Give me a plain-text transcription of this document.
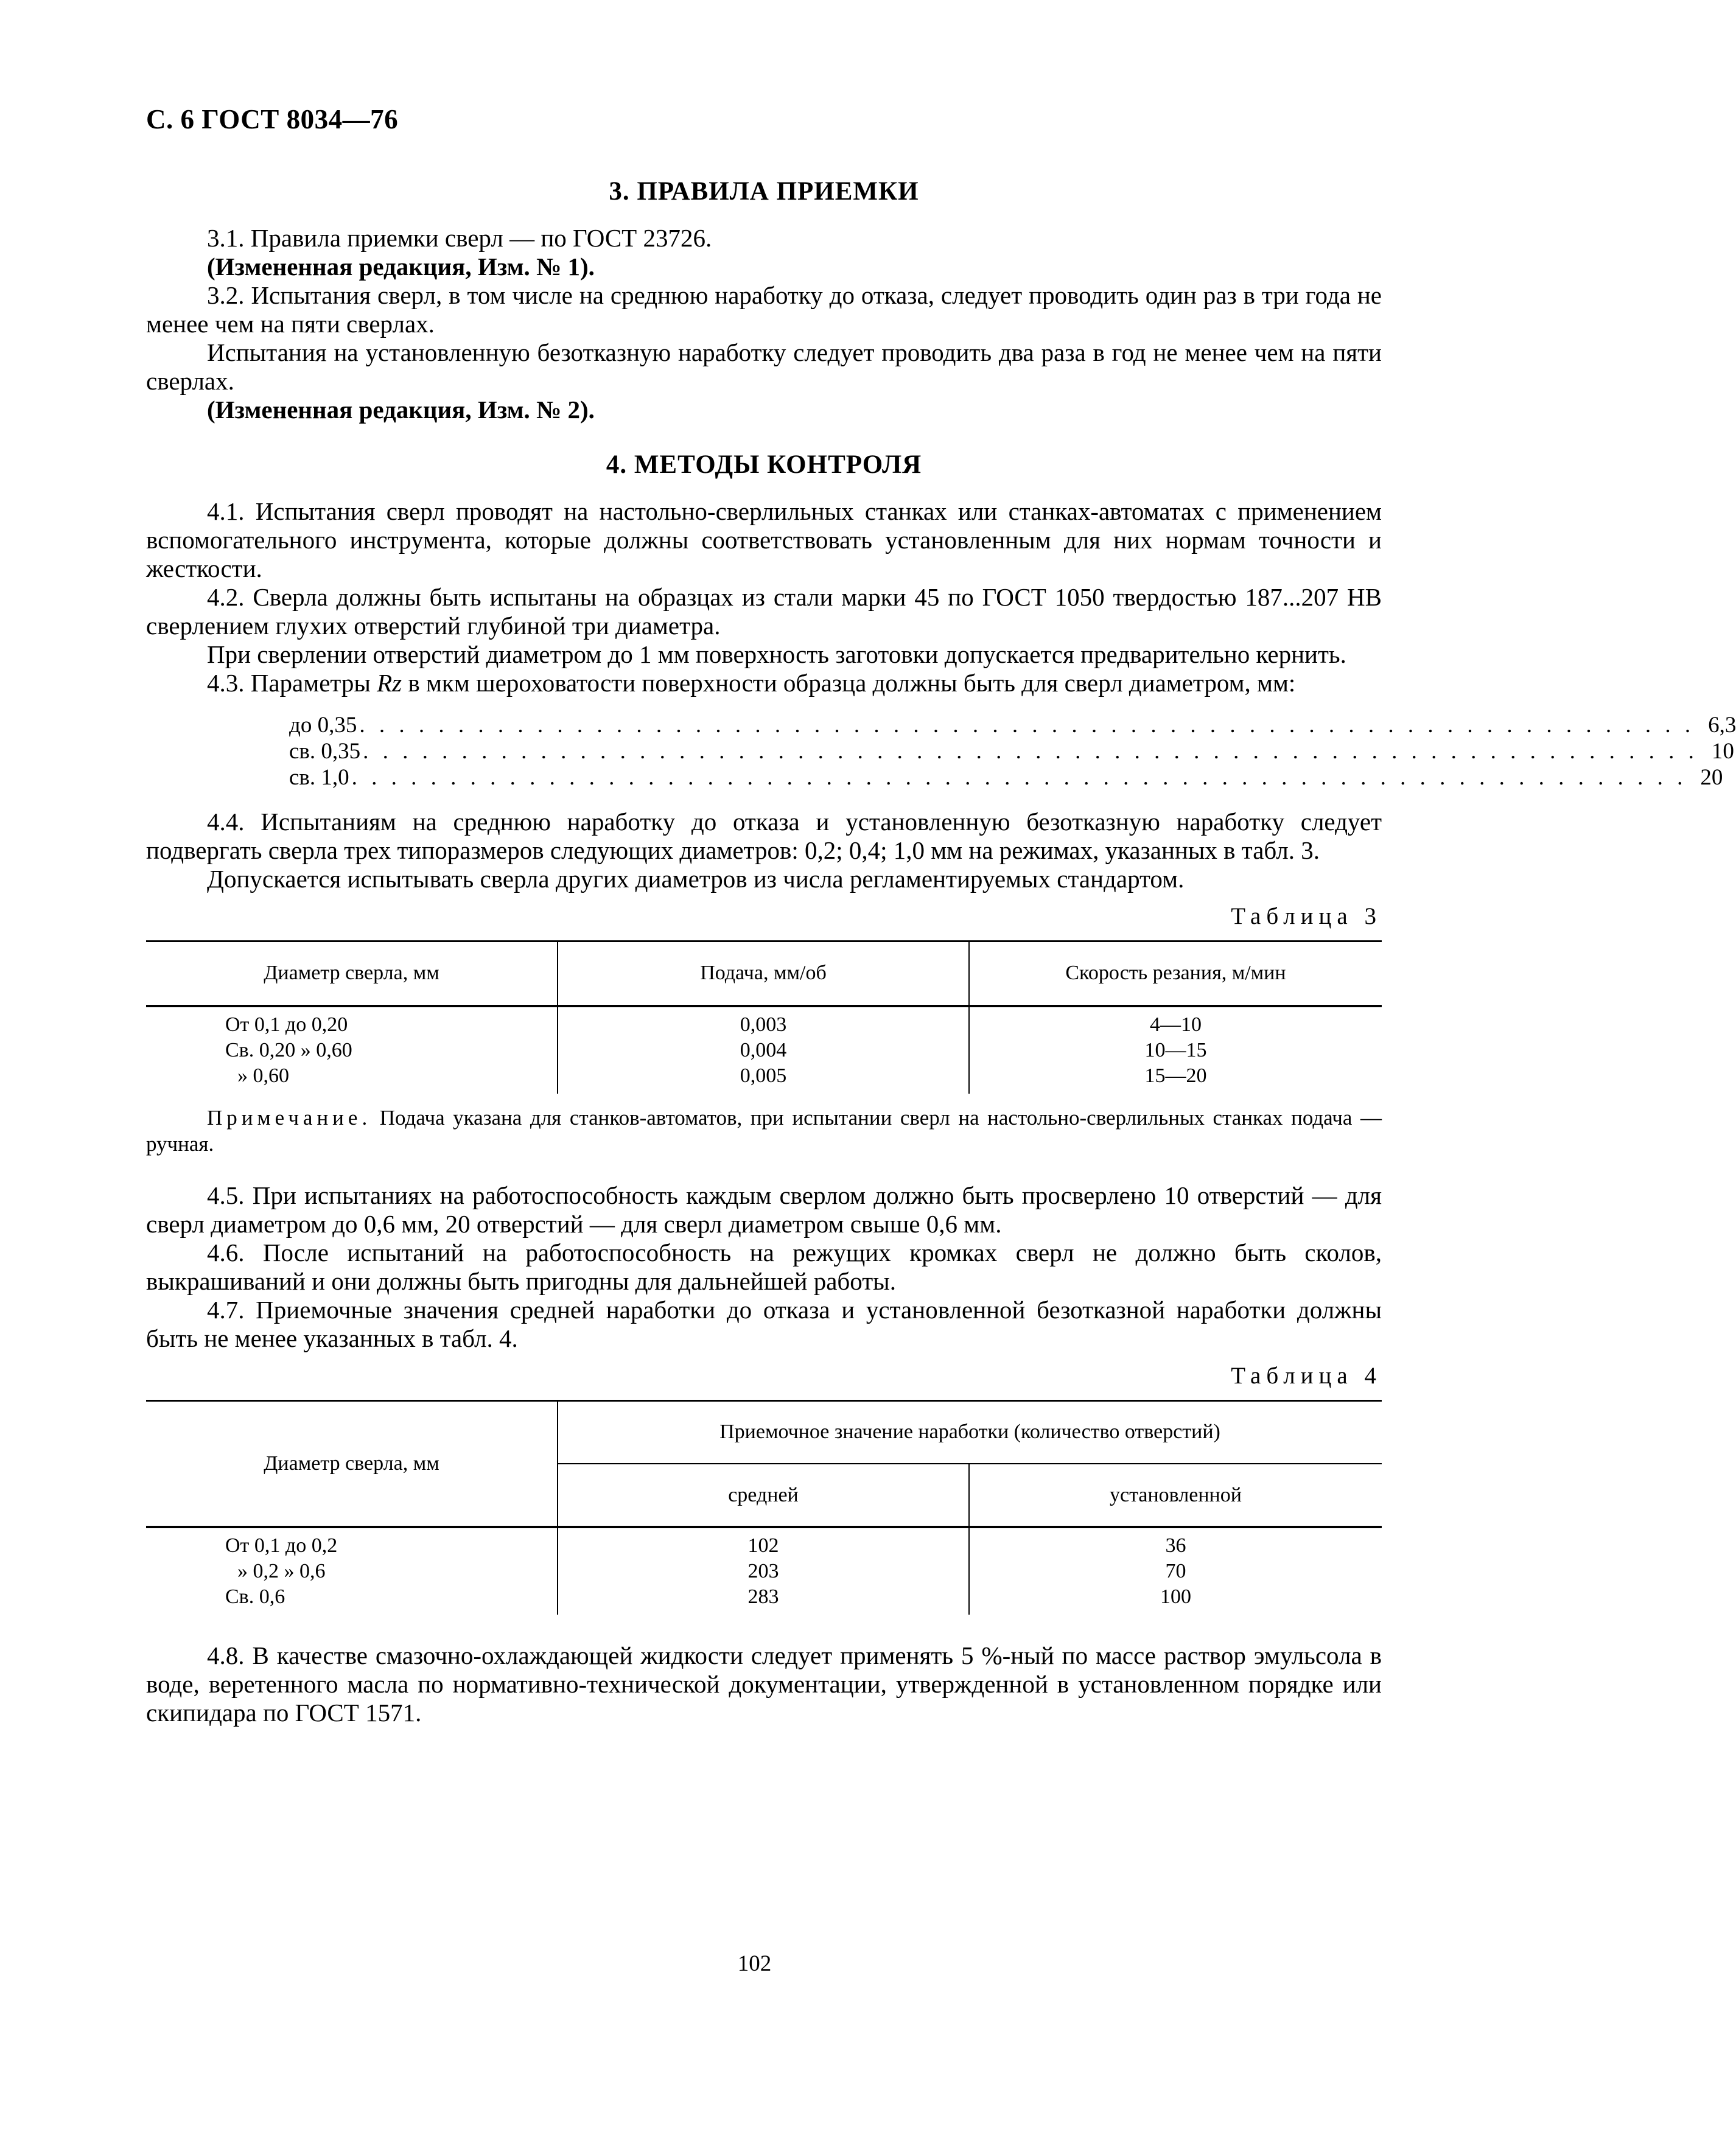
С. 6 ГОСТ 8034—76
3. ПРАВИЛА ПРИЕМКИ

3.1. Правила приемки сверл — по ГОСТ 23726.

(Измененная редакция, Изм. № 1).

3.2. Испытания сверл, в том числе на среднюю наработку до отказа, следует проводить один раз в три года не менее чем на пяти сверлах.

Испытания на установленную безотказную наработку следует проводить два раза в год не менее чем на пяти сверлах.

(Измененная редакция, Изм. № 2).

4. МЕТОДЫ КОНТРОЛЯ

4.1. Испытания сверл проводят на настольно-сверлильных станках или станках-автоматах с применением вспомогательного инструмента, которые должны соответствовать установленным для них нормам точности и жесткости.

4.2. Сверла должны быть испытаны на образцах из стали марки 45 по ГОСТ 1050 твердостью 187...207 НВ сверлением глухих отверстий глубиной три диаметра.

При сверлении отверстий диаметром до 1 мм поверхность заготовки допускается предварительно кернить.

4.3. Параметры Rz в мкм шероховатости поверхности образца должны быть для сверл диаметром, мм:

до 0,35 . . . . . . . . . . . . . . . . . . . . . . . . . . . . . . . . . . . . . . . . . . . . . . . . . . . . . . . . . . . . . . . . . . . . 6,3
св. 0,35 . . . . . . . . . . . . . . . . . . . . . . . . . . . . . . . . . . . . . . . . . . . . . . . . . . . . . . . . . . . . . . . . . . . . 10
св. 1,0 . . . . . . . . . . . . . . . . . . . . . . . . . . . . . . . . . . . . . . . . . . . . . . . . . . . . . . . . . . . . . . . . . . . . 20

4.4. Испытаниям на среднюю наработку до отказа и установленную безотказную наработку следует подвергать сверла трех типоразмеров следующих диаметров: 0,2; 0,4; 1,0 мм на режимах, указанных в табл. 3.

Допускается испытывать сверла других диаметров из числа регламентируемых стандартом.

Таблица 3
Диаметр сверла, мм	Подача, мм/об	Скорость резания, м/мин
От 0,1 до 0,20	0,003	4—10
Св. 0,20 » 0,60	0,004	10—15
» 0,60	0,005	15—20
Примечание. Подача указана для станков-автоматов, при испытании сверл на настольно-сверлильных станках подача — ручная.

4.5. При испытаниях на работоспособность каждым сверлом должно быть просверлено 10 отверстий — для сверл диаметром до 0,6 мм, 20 отверстий — для сверл диаметром свыше 0,6 мм.

4.6. После испытаний на работоспособность на режущих кромках сверл не должно быть сколов, выкрашиваний и они должны быть пригодны для дальнейшей работы.

4.7. Приемочные значения средней наработки до отказа и установленной безотказной наработки должны быть не менее указанных в табл. 4.

Таблица 4
Диаметр сверла, мм	Приемочное значение наработки (количество отверстий)	
	средней	установленной
От 0,1 до 0,2	102	36
» 0,2 » 0,6	203	70
Св. 0,6	283	100

4.8. В качестве смазочно-охлаждающей жидкости следует применять 5 %-ный по массе раствор эмульсола в воде, веретенного масла по нормативно-технической документации, утвержденной в установленном порядке или скипидара по ГОСТ 1571.

102
